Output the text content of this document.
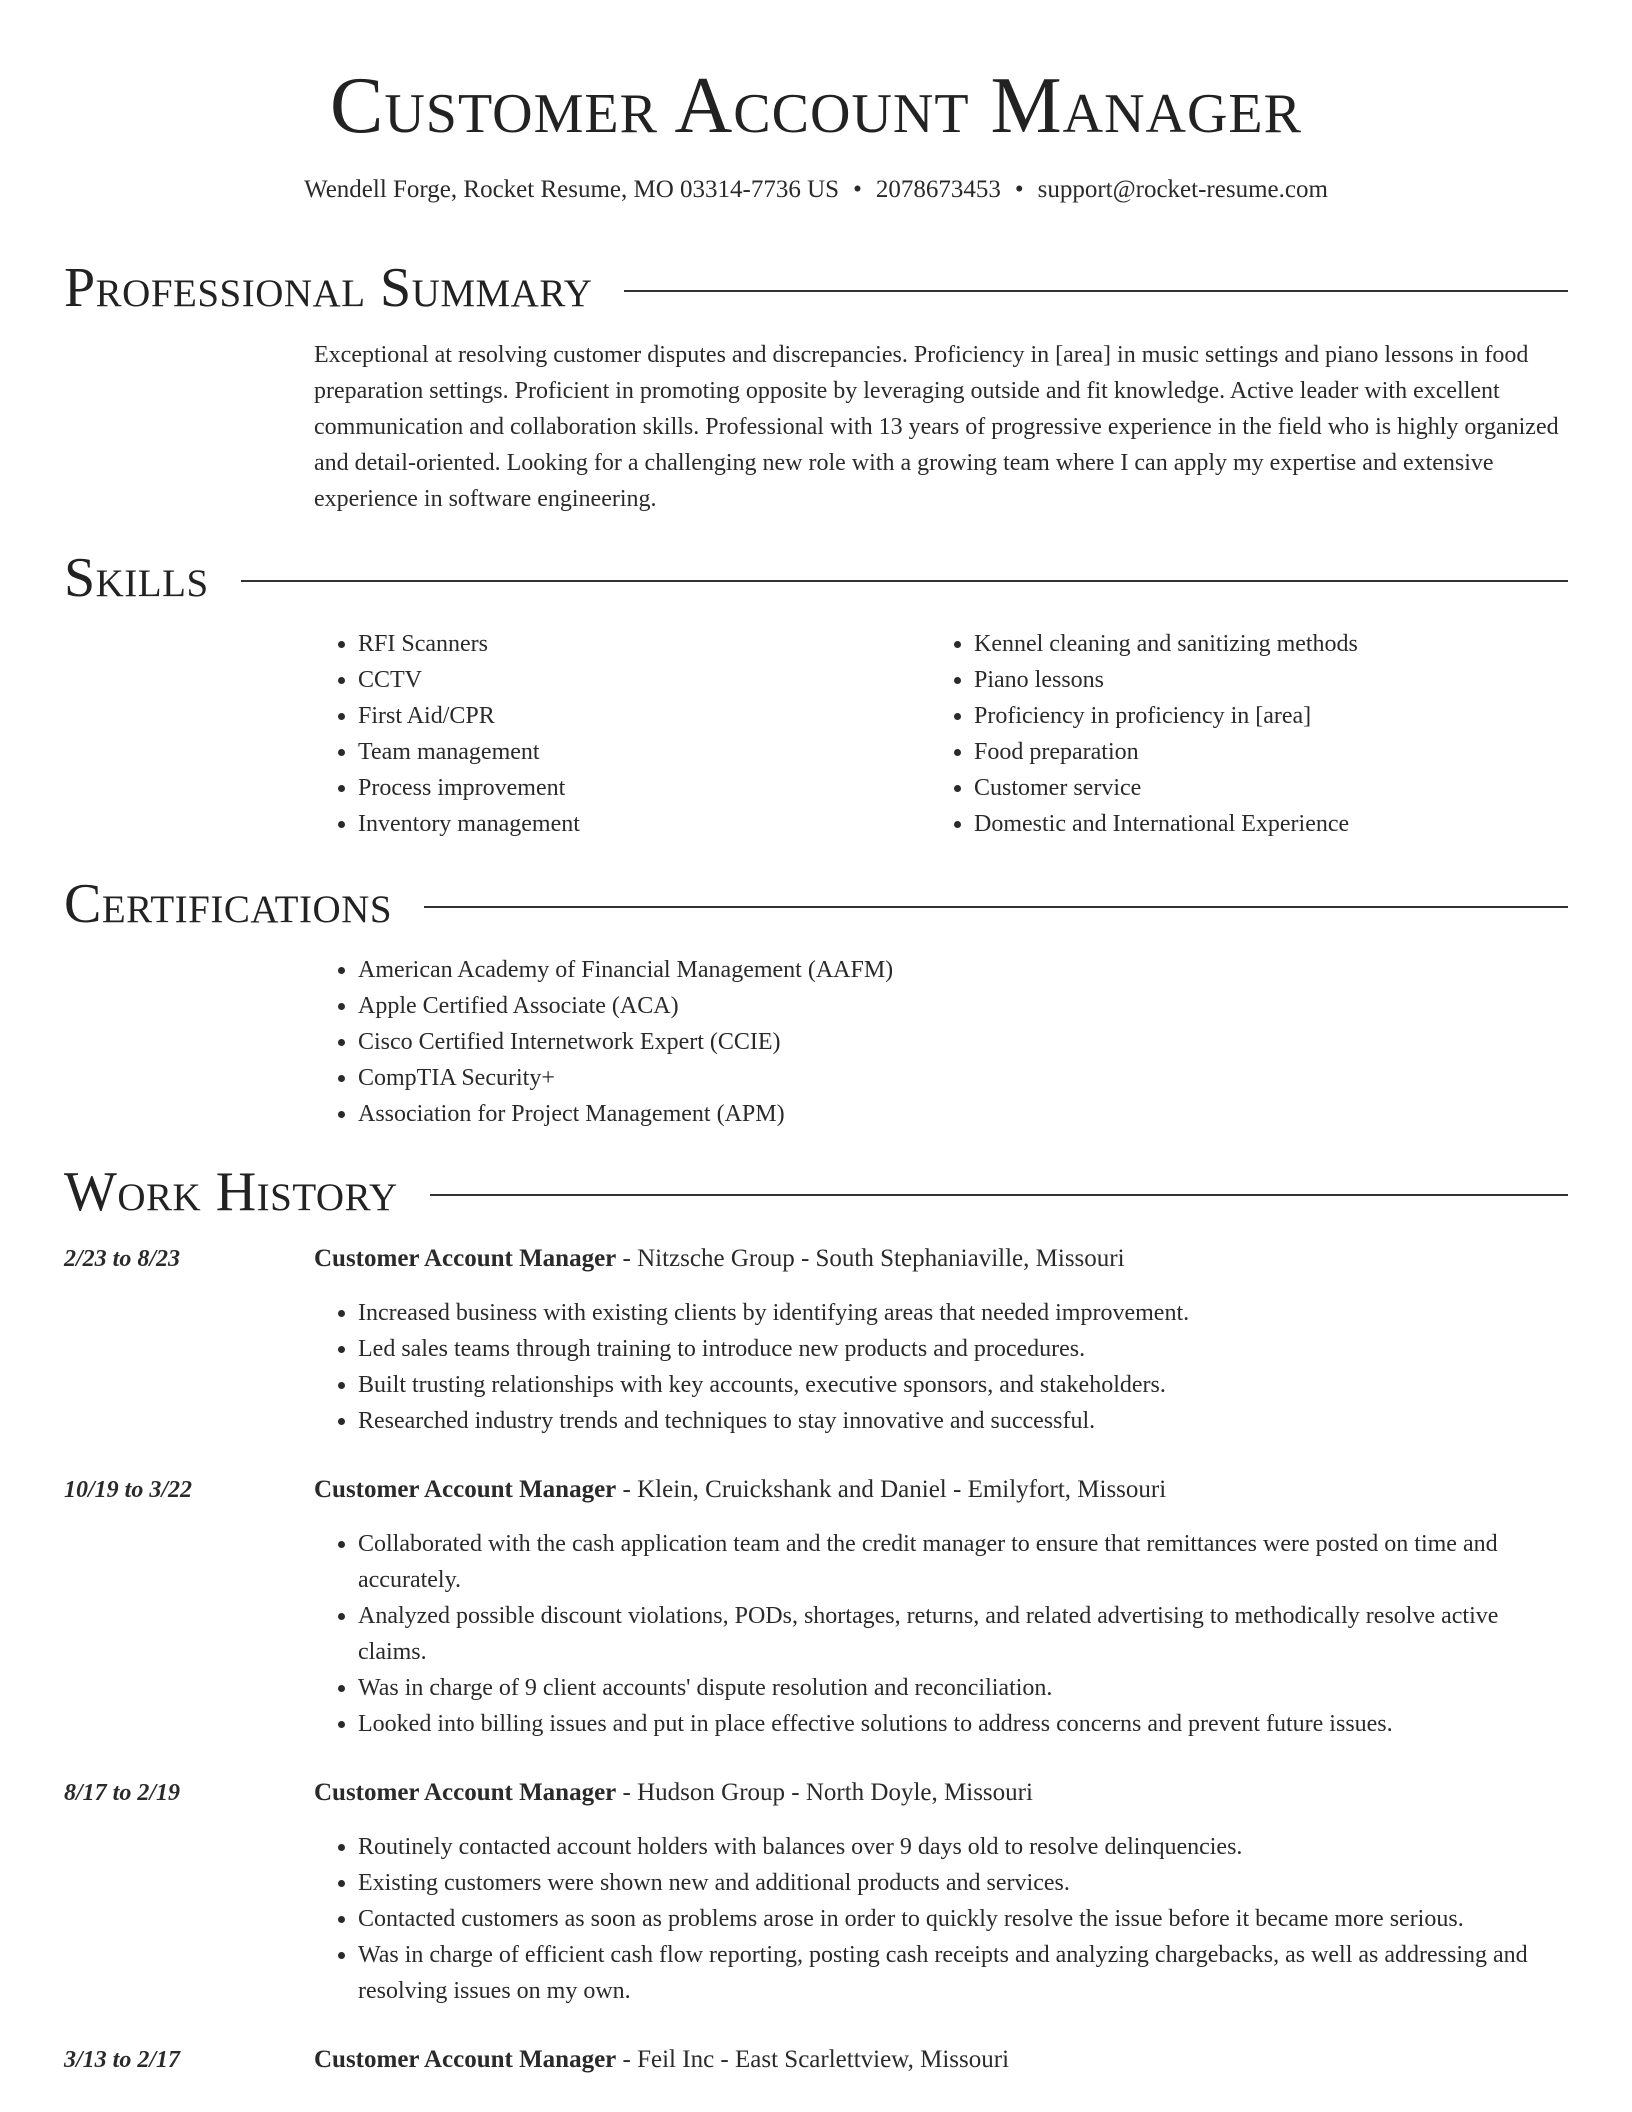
Customer Account Manager
Wendell Forge, Rocket Resume, MO 03314-7736 US • 2078673453 • support@rocket-resume.com
Professional Summary

Exceptional at resolving customer disputes and discrepancies. Proficiency in [area] in music settings and piano lessons in food preparation settings. Proficient in promoting opposite by leveraging outside and fit knowledge. Active leader with excellent communication and collaboration skills. Professional with 13 years of progressive experience in the field who is highly organized and detail-oriented. Looking for a challenging new role with a growing team where I can apply my expertise and extensive experience in software engineering.

Skills
• RFI Scanners
• CCTV
• First Aid/CPR
• Team management
• Process improvement
• Inventory management
• Kennel cleaning and sanitizing methods
• Piano lessons
• Proficiency in proficiency in [area]
• Food preparation
• Customer service
• Domestic and International Experience
Certifications
• American Academy of Financial Management (AAFM)
• Apple Certified Associate (ACA)
• Cisco Certified Internetwork Expert (CCIE)
• CompTIA Security+
• Association for Project Management (APM)
Work History
2/23 to 8/23	Customer Account Manager - Nitzsche Group - South Stephaniaville, Missouri
• Increased business with existing clients by identifying areas that needed improvement.
• Led sales teams through training to introduce new products and procedures.
• Built trusting relationships with key accounts, executive sponsors, and stakeholders.
• Researched industry trends and techniques to stay innovative and successful.
10/19 to 3/22	Customer Account Manager - Klein, Cruickshank and Daniel - Emilyfort, Missouri
• Collaborated with the cash application team and the credit manager to ensure that remittances were posted on time and accurately.
• Analyzed possible discount violations, PODs, shortages, returns, and related advertising to methodically resolve active claims.
• Was in charge of 9 client accounts' dispute resolution and reconciliation.
• Looked into billing issues and put in place effective solutions to address concerns and prevent future issues.
8/17 to 2/19	Customer Account Manager - Hudson Group - North Doyle, Missouri
• Routinely contacted account holders with balances over 9 days old to resolve delinquencies.
• Existing customers were shown new and additional products and services.
• Contacted customers as soon as problems arose in order to quickly resolve the issue before it became more serious.
• Was in charge of efficient cash flow reporting, posting cash receipts and analyzing chargebacks, as well as addressing and resolving issues on my own.
3/13 to 2/17	Customer Account Manager - Feil Inc - East Scarlettview, Missouri
